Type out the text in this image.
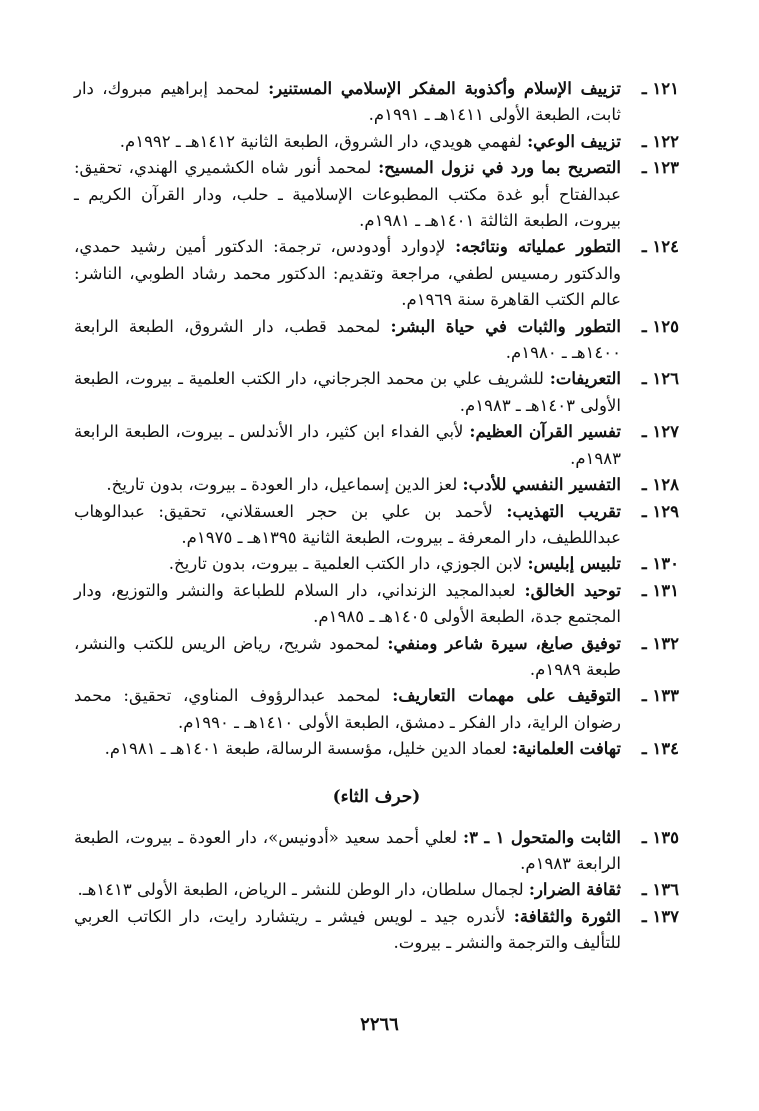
١٢١ ـ
تزييف الإسلام وأكذوبة المفكر الإسلامي المستنير: لمحمد إبراهيم مبروك، دار ثابت، الطبعة الأولى ١٤١١هـ ـ ١٩٩١م.
١٢٢ ـ
تزييف الوعي: لفهمي هويدي، دار الشروق، الطبعة الثانية ١٤١٢هـ ـ ١٩٩٢م.
١٢٣ ـ
التصريح بما ورد في نزول المسيح: لمحمد أنور شاه الكشميري الهندي، تحقيق: عبدالفتاح أبو غدة مكتب المطبوعات الإسلامية ـ حلب، ودار القرآن الكريم ـ بيروت، الطبعة الثالثة ١٤٠١هـ ـ ١٩٨١م.
١٢٤ ـ
التطور عملياته ونتائجه: لإدوارد أودودس، ترجمة: الدكتور أمين رشيد حمدي، والدكتور رمسيس لطفي، مراجعة وتقديم: الدكتور محمد رشاد الطوبي، الناشر: عالم الكتب القاهرة سنة ١٩٦٩م.
١٢٥ ـ
التطور والثبات في حياة البشر: لمحمد قطب، دار الشروق، الطبعة الرابعة ١٤٠٠هـ ـ ١٩٨٠م.
١٢٦ ـ
التعريفات: للشريف علي بن محمد الجرجاني، دار الكتب العلمية ـ بيروت، الطبعة الأولى ١٤٠٣هـ ـ ١٩٨٣م.
١٢٧ ـ
تفسير القرآن العظيم: لأبي الفداء ابن كثير، دار الأندلس ـ بيروت، الطبعة الرابعة ١٩٨٣م.
١٢٨ ـ
التفسير النفسي للأدب: لعز الدين إسماعيل، دار العودة ـ بيروت، بدون تاريخ.
١٢٩ ـ
تقريب التهذيب: لأحمد بن علي بن حجر العسقلاني، تحقيق: عبدالوهاب عبداللطيف، دار المعرفة ـ بيروت، الطبعة الثانية ١٣٩٥هـ ـ ١٩٧٥م.
١٣٠ ـ
تلبيس إبليس: لابن الجوزي، دار الكتب العلمية ـ بيروت، بدون تاريخ.
١٣١ ـ
توحيد الخالق: لعبدالمجيد الزنداني، دار السلام للطباعة والنشر والتوزيع، ودار المجتمع جدة، الطبعة الأولى ١٤٠٥هـ ـ ١٩٨٥م.
١٣٢ ـ
توفيق صايغ، سيرة شاعر ومنفي: لمحمود شريح، رياض الريس للكتب والنشر، طبعة ١٩٨٩م.
١٣٣ ـ
التوقيف على مهمات التعاريف: لمحمد عبدالرؤوف المناوي، تحقيق: محمد رضوان الراية، دار الفكر ـ دمشق، الطبعة الأولى ١٤١٠هـ ـ ١٩٩٠م.
١٣٤ ـ
تهافت العلمانية: لعماد الدين خليل، مؤسسة الرسالة، طبعة ١٤٠١هـ ـ ١٩٨١م.
(حرف الثاء)
١٣٥ ـ
الثابت والمتحول ١ ـ ٣: لعلي أحمد سعيد «أدونيس»، دار العودة ـ بيروت، الطبعة الرابعة ١٩٨٣م.
١٣٦ ـ
ثقافة الضرار: لجمال سلطان، دار الوطن للنشر ـ الرياض، الطبعة الأولى ١٤١٣هـ.
١٣٧ ـ
الثورة والثقافة: لأندره جيد ـ لويس فيشر ـ ريتشارد رايت، دار الكاتب العربي للتأليف والترجمة والنشر ـ بيروت.
٢٢٦٦
